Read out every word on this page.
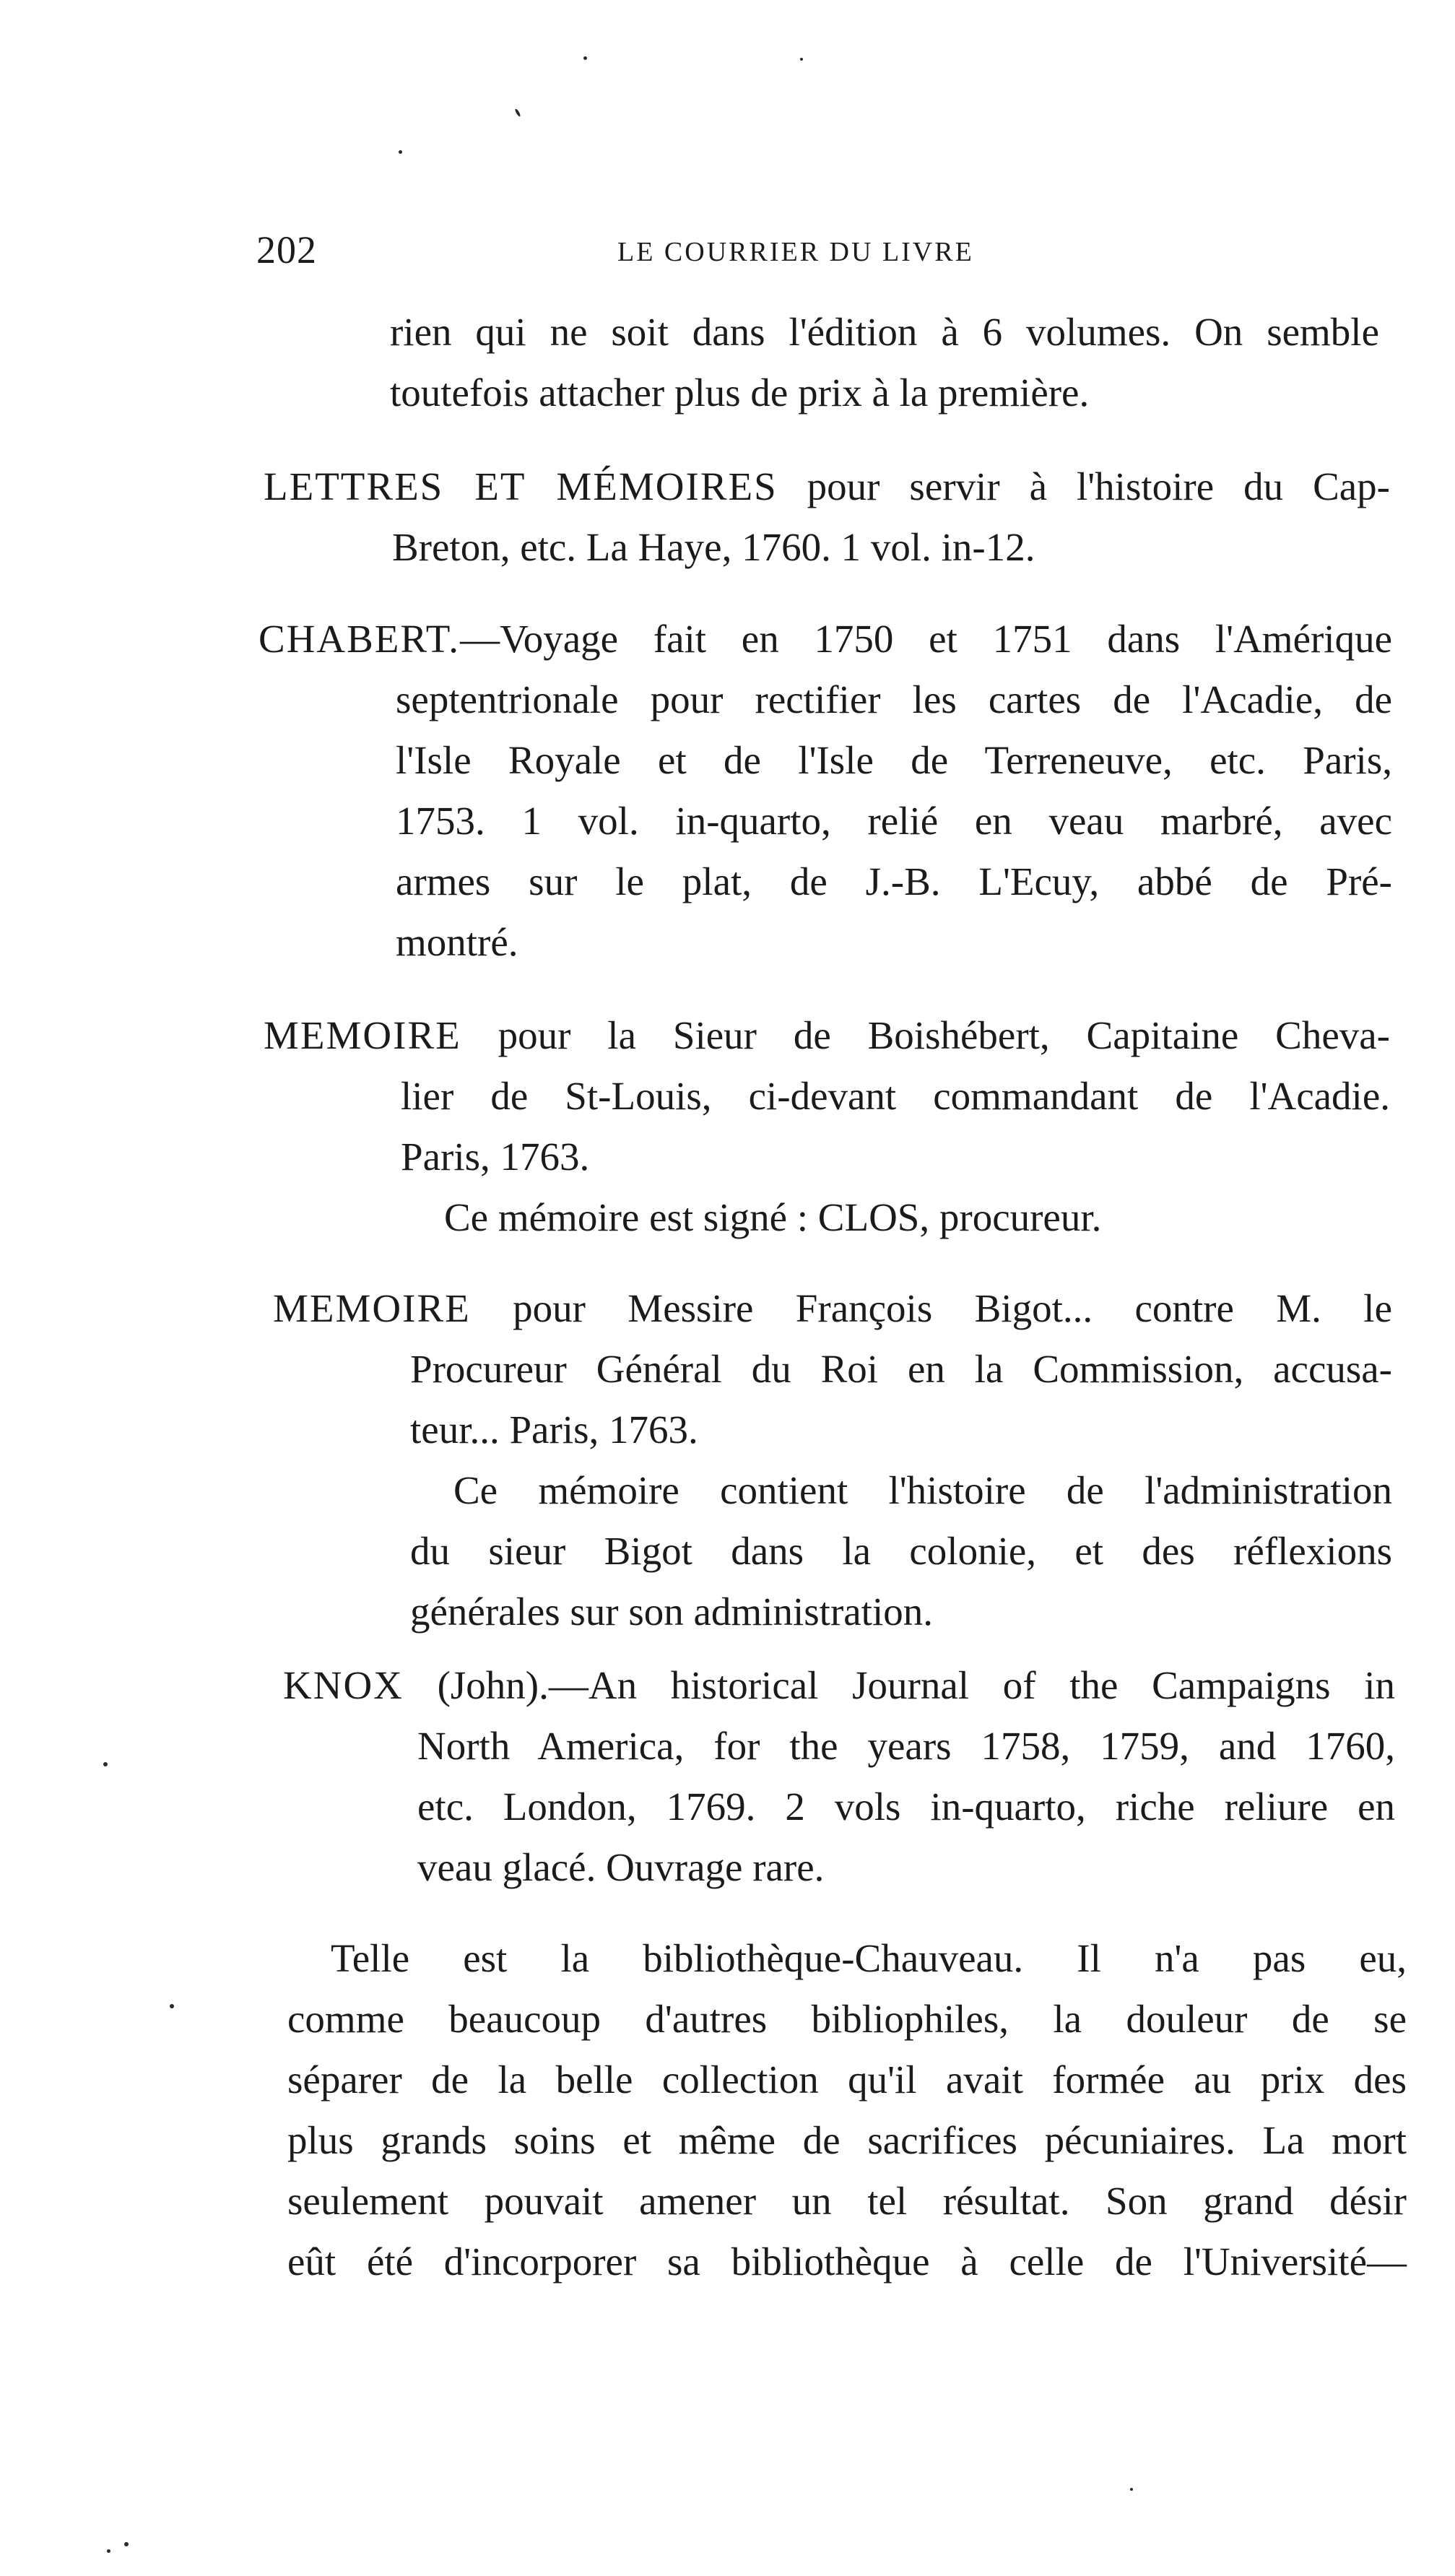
202	LE COURRIER DU LIVRE
rien qui ne soit dans l'édition à 6 volumes. On semble
toutefois attacher plus de prix à la première.
LETTRES ET MÉMOIRES pour servir à l'histoire du Cap-
Breton, etc. La Haye, 1760. 1 vol. in-12.
CHABERT.—Voyage fait en 1750 et 1751 dans l'Amérique
septentrionale pour rectifier les cartes de l'Acadie, de
l'Isle Royale et de l'Isle de Terreneuve, etc. Paris,
1753. 1 vol. in-quarto, relié en veau marbré, avec
armes sur le plat, de J.-B. L'Ecuy, abbé de Pré-
montré.
MEMOIRE pour la Sieur de Boishébert, Capitaine Cheva-
lier de St-Louis, ci-devant commandant de l'Acadie.
Paris, 1763.
Ce mémoire est signé : CLOS, procureur.
MEMOIRE pour Messire François Bigot... contre M. le
Procureur Général du Roi en la Commission, accusa-
teur... Paris, 1763.
Ce mémoire contient l'histoire de l'administration
du sieur Bigot dans la colonie, et des réflexions
générales sur son administration.
KNOX (John).—An historical Journal of the Campaigns in
North America, for the years 1758, 1759, and 1760,
etc. London, 1769. 2 vols in-quarto, riche reliure en
veau glacé. Ouvrage rare.
Telle est la bibliothèque-Chauveau. Il n'a pas eu,
comme beaucoup d'autres bibliophiles, la douleur de se
séparer de la belle collection qu'il avait formée au prix des
plus grands soins et même de sacrifices pécuniaires. La mort
seulement pouvait amener un tel résultat. Son grand désir
eût été d'incorporer sa bibliothèque à celle de l'Université—
